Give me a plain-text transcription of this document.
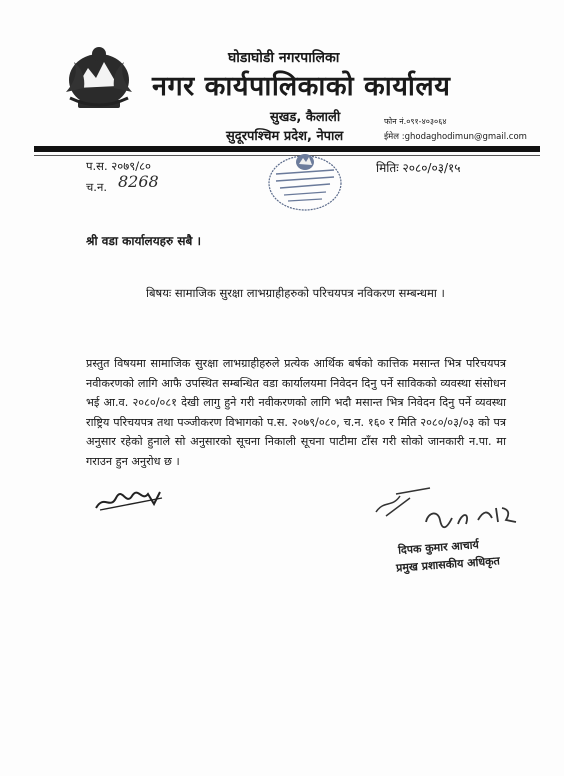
घोडाघोडी नगरपालिका
नगर कार्यपालिकाको कार्यालय
सुखड, कैलाली
सुदूरपश्चिम प्रदेश, नेपाल
फोन नं.०९१-४०३०६४
ईमेल :ghodaghodimun@gmail.com
प.स. २०७९/८०
च.न. 8268
मितिः २०८०/०३/१५
श्री वडा कार्यालयहरु सबै ।
बिषयः सामाजिक सुरक्षा लाभग्राहीहरुको परिचयपत्र नविकरण सम्बन्धमा ।
प्रस्तुत विषयमा सामाजिक सुरक्षा लाभग्राहीहरुले प्रत्येक आर्थिक बर्षको कात्तिक मसान्त भित्र परिचयपत्र नवीकरणको लागि आफै उपस्थित सम्बन्धित वडा कार्यालयमा निवेदन दिनु पर्ने साविकको व्यवस्था संसोधन भई आ.व. २०८०/०८१ देखी लागु हुने गरी नवीकरणको लागि भदौ मसान्त भित्र निवेदन दिनु पर्ने व्यवस्था राष्ट्रिय परिचयपत्र तथा पञ्जीकरण विभागको प.स. २०७९/०८०, च.न. १६० र मिति २०८०/०३/०३ को पत्र अनुसार रहेको हुनाले सो अनुसारको सूचना निकाली सूचना पाटीमा टाँस गरी सोको जानकारी न.पा. मा गराउन हुन अनुरोध छ ।
दिपक कुमार आचार्य
प्रमुख प्रशासकीय अधिकृत
